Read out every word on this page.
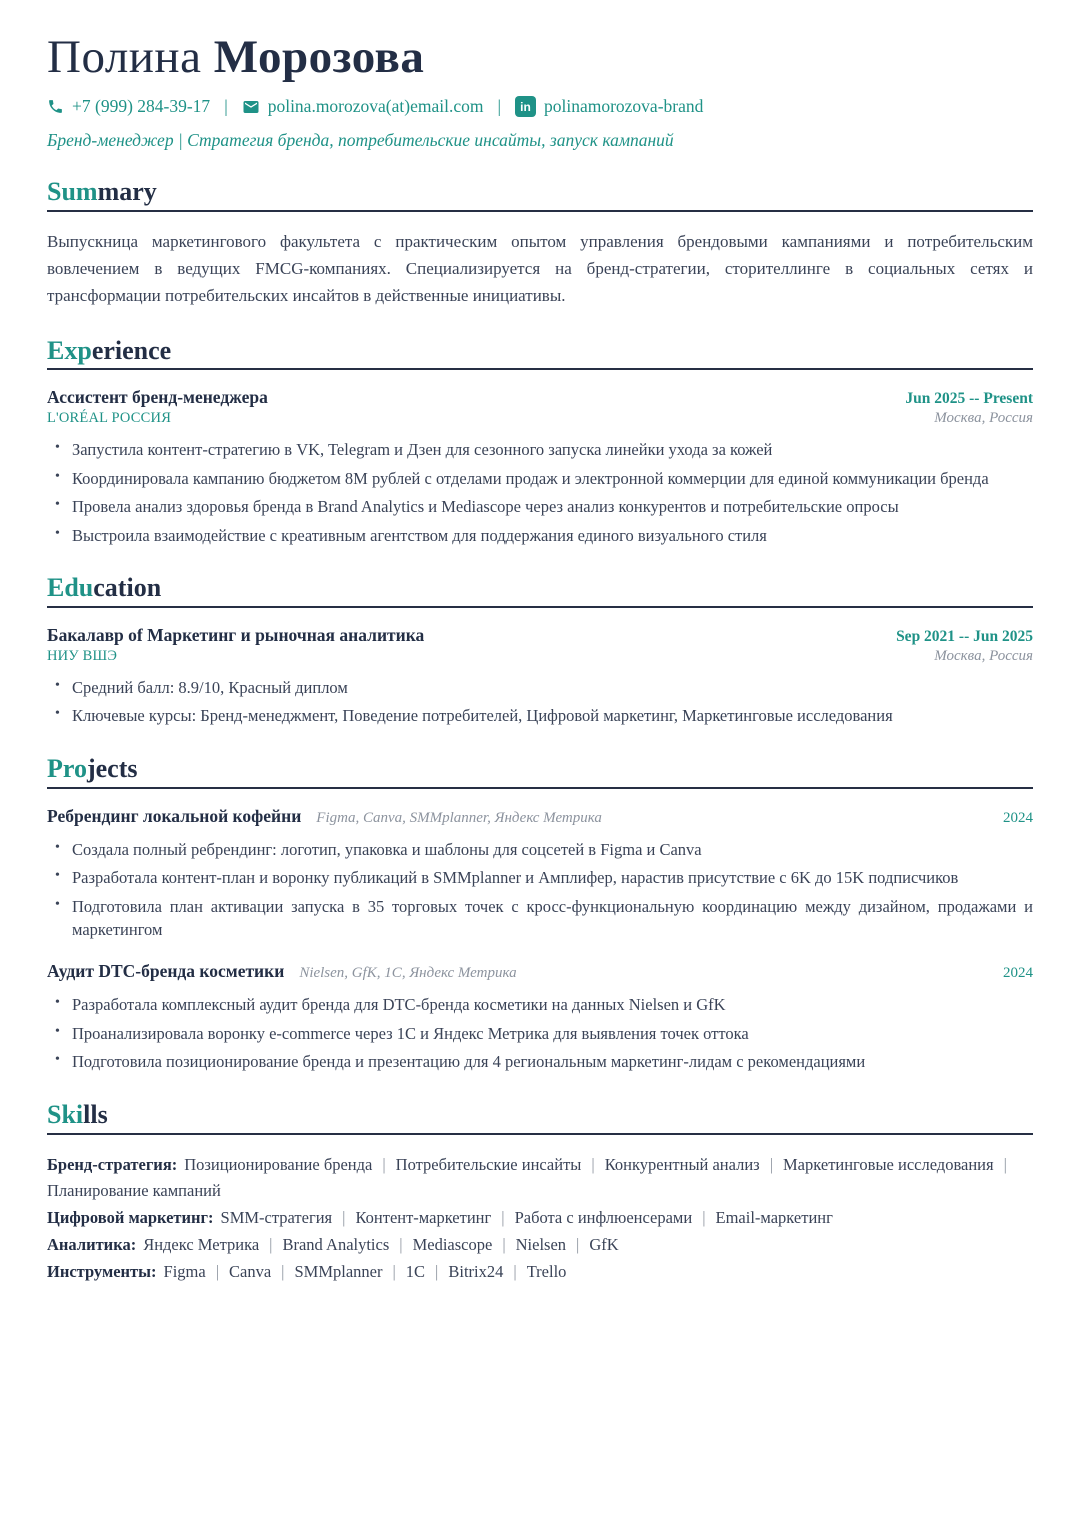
Полина Морозова
+7 (999) 284-39-17 | polina.morozova(at)email.com |	in polinamorozova-brand

Бренд-менеджер | Стратегия бренда, потребительские инсайты, запуск кампаний

Summary

Выпускница маркетингового факультета с практическим опытом управления брендовыми кампаниями и потребительским вовлечением в ведущих FMCG-компаниях. Специализируется на бренд-стратегии, сторителлинге в социальных сетях и трансформации потребительских инсайтов в действенные инициативы.

Experience
Ассистент бренд-менеджера	Jun 2025 -- Present
L'ORÉAL РОССИЯ	Москва, Россия
• Запустила контент-стратегию в VK, Telegram и Дзен для сезонного запуска линейки ухода за кожей
• Координировала кампанию бюджетом 8M рублей с отделами продаж и электронной коммерции для единой коммуникации бренда
• Провела анализ здоровья бренда в Brand Analytics и Mediascope через анализ конкурентов и потребительские опросы
• Выстроила взаимодействие с креативным агентством для поддержания единого визуального стиля
Education
Бакалавр of Маркетинг и рыночная аналитика	Sep 2021 -- Jun 2025
НИУ ВШЭ	Москва, Россия
• Средний балл: 8.9/10, Красный диплом
• Ключевые курсы: Бренд-менеджмент, Поведение потребителей, Цифровой маркетинг, Маркетинговые исследования
Projects
Ребрендинг локальной кофейни Figma, Canva, SMMplanner, Яндекс Метрика	2024
• Создала полный ребрендинг: логотип, упаковка и шаблоны для соцсетей в Figma и Canva
• Разработала контент-план и воронку публикаций в SMMplanner и Амплифер, нарастив присутствие с 6K до 15K подписчиков
• Подготовила план активации запуска в 35 торговых точек с кросс-функциональную координацию между дизайном, продажами и маркетингом
Аудит DTC-бренда косметики Nielsen, GfK, 1C, Яндекс Метрика	2024
• Разработала комплексный аудит бренда для DTC-бренда косметики на данных Nielsen и GfK
• Проанализировала воронку e-commerce через 1C и Яндекс Метрика для выявления точек оттока
• Подготовила позиционирование бренда и презентацию для 4 региональным маркетинг-лидам с рекомендациями
Skills

Бренд-стратегия: Позиционирование бренда | Потребительские инсайты | Конкурентный анализ | Маркетинговые исследования |Планирование кампаний

Цифровой маркетинг: SMM-стратегия | Контент-маркетинг | Работа с инфлюенсерами | Email-маркетинг

Аналитика: Яндекс Метрика | Brand Analytics | Mediascope | Nielsen | GfK

Инструменты: Figma | Canva | SMMplanner | 1C | Bitrix24 | Trello
